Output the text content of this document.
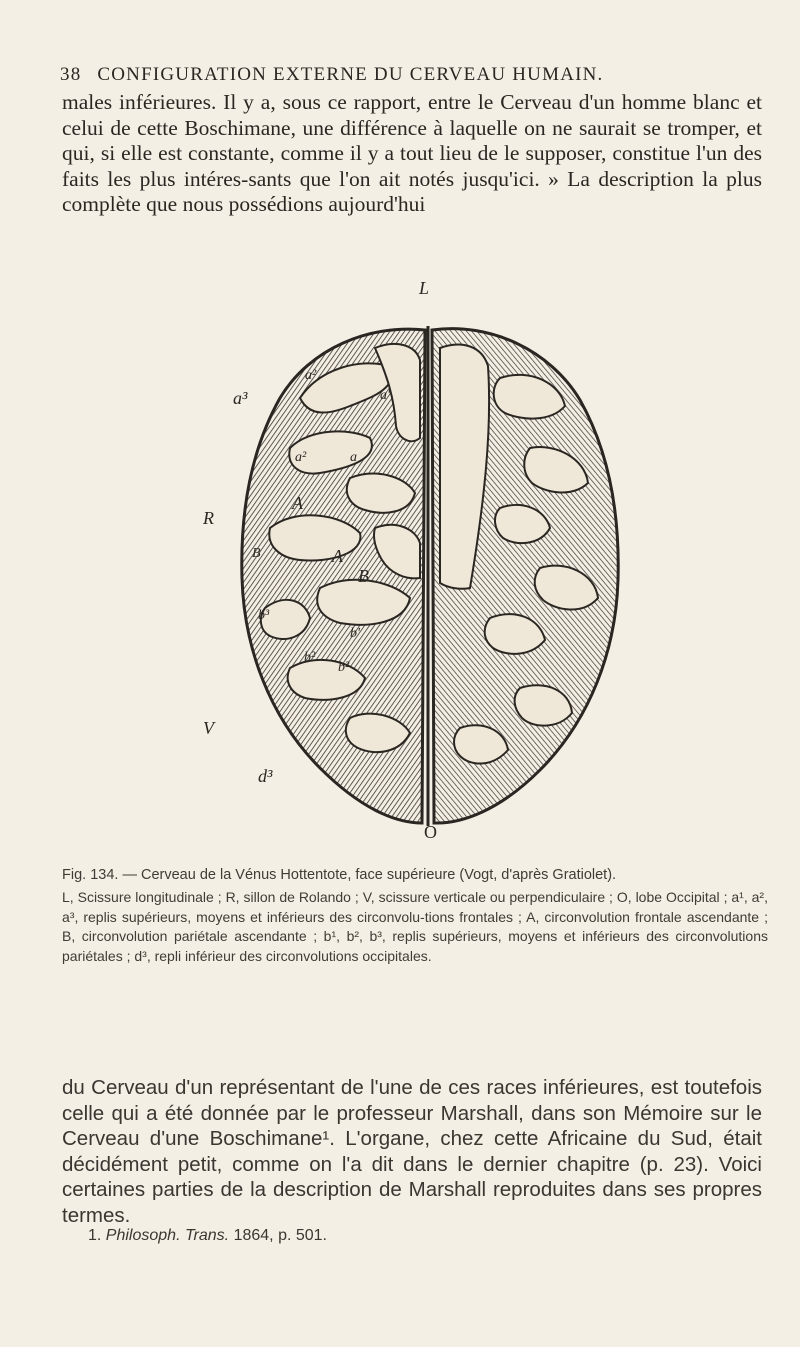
38 CONFIGURATION EXTERNE DU CERVEAU HUMAIN.

males inférieures. Il y a, sous ce rapport, entre le Cerveau d'un homme blanc et celui de cette Boschimane, une différence à laquelle on ne saurait se tromper, et qui, si elle est constante, comme il y a tout lieu de le supposer, constitue l'un des faits les plus intéres-sants que l'on ait notés jusqu'ici. » La description la plus complète que nous possédions aujourd'hui

L
O
a³
R
V
d³
a²
a'
a²	a
A
A
B
B
b'
b²
b²
b³

Fig. 134. — Cerveau de la Vénus Hottentote, face supérieure (Vogt, d'après Gratiolet).

L, Scissure longitudinale ; R, sillon de Rolando ; V, scissure verticale ou perpendiculaire ; O, lobe Occipital ; a¹, a², a³, replis supérieurs, moyens et inférieurs des circonvolu-tions frontales ; A, circonvolution frontale ascendante ; B, circonvolution pariétale ascendante ; b¹, b², b³, replis supérieurs, moyens et inférieurs des circonvolutions pariétales ; d³, repli inférieur des circonvolutions occipitales.

du Cerveau d'un représentant de l'une de ces races inférieures, est toutefois celle qui a été donnée par le professeur Marshall, dans son Mémoire sur le Cerveau d'une Boschimane¹. L'organe, chez cette Africaine du Sud, était décidément petit, comme on l'a dit dans le dernier chapitre (p. 23). Voici certaines parties de la description de Marshall reproduites dans ses propres termes.

1. Philosoph. Trans. 1864, p. 501.
